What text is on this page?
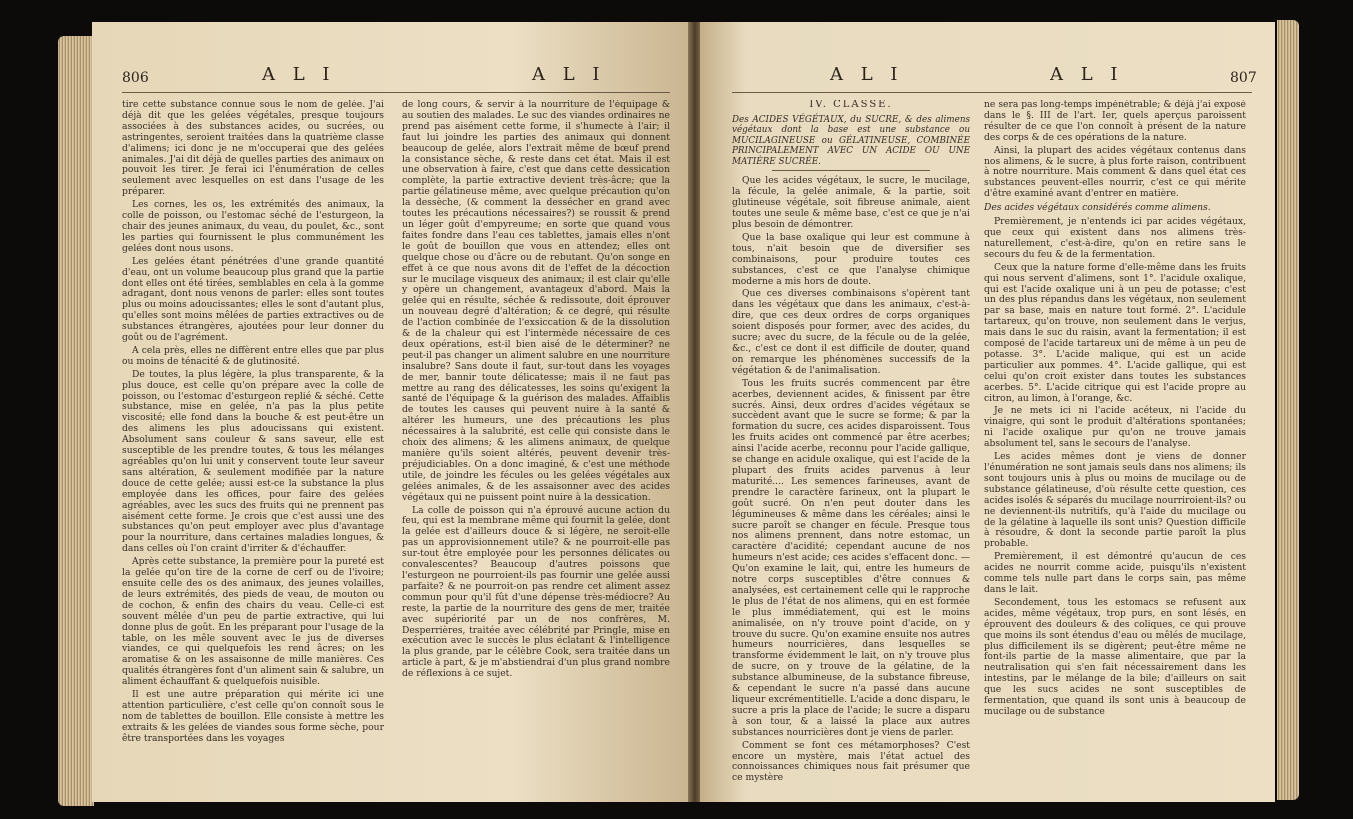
806	A L I	A L I

tire cette substance connue sous le nom de gelée. J'ai déjà dit que les gelées végétales, presque toujours associées à des substances acides, ou sucrées, ou astringentes, seroient traitées dans la quatrième classe d'alimens; ici donc je ne m'occuperai que des gelées animales. J'ai dit déjà de quelles parties des animaux on pouvoit les tirer. Je ferai ici l'énumération de celles seulement avec lesquelles on est dans l'usage de les préparer.

Les cornes, les os, les extrémités des animaux, la colle de poisson, ou l'estomac séché de l'esturgeon, la chair des jeunes animaux, du veau, du poulet, &c., sont les parties qui fournissent le plus communément les gelées dont nous usons.

Les gelées étant pénétrées d'une grande quantité d'eau, ont un volume beaucoup plus grand que la partie dont elles ont été tirées, semblables en cela à la gomme adragant, dont nous venons de parler: elles sont toutes plus ou moins adoucissantes; elles le sont d'autant plus, qu'elles sont moins mêlées de parties extractives ou de substances étrangères, ajoutées pour leur donner du goût ou de l'agrément.

A cela près, elles ne diffèrent entre elles que par plus ou moins de ténacité & de glutinosité.

De toutes, la plus légère, la plus transparente, & la plus douce, est celle qu'on prépare avec la colle de poisson, ou l'estomac d'esturgeon replié & séché. Cette substance, mise en gelée, n'a pas la plus petite viscosité; elle fond dans la bouche & est peut-être un des alimens les plus adoucissans qui existent. Absolument sans couleur & sans saveur, elle est susceptible de les prendre toutes, & tous les mélanges agréables qu'on lui unit y conservent toute leur saveur sans altération, & seulement modifiée par la nature douce de cette gelée; aussi est-ce la substance la plus employée dans les offices, pour faire des gelées agréables, avec les sucs des fruits qui ne prennent pas aisément cette forme. Je crois que c'est aussi une des substances qu'on peut employer avec plus d'avantage pour la nourriture, dans certaines maladies longues, & dans celles où l'on craint d'irriter & d'échauffer.

Après cette substance, la première pour la pureté est la gelée qu'on tire de la corne de cerf ou de l'ivoire; ensuite celle des os des animaux, des jeunes volailles, de leurs extrémités, des pieds de veau, de mouton ou de cochon, & enfin des chairs du veau. Celle-ci est souvent mêlée d'un peu de partie extractive, qui lui donne plus de goût. En les préparant pour l'usage de la table, on les mêle souvent avec le jus de diverses viandes, ce qui quelquefois les rend âcres; on les aromatise & on les assaisonne de mille manières. Ces qualités étrangères font d'un aliment sain & salubre, un aliment échauffant & quelquefois nuisible.

Il est une autre préparation qui mérite ici une attention particulière, c'est celle qu'on connoît sous le nom de tablettes de bouillon. Elle consiste à mettre les extraits & les gelées de viandes sous forme sèche, pour être transportées dans les voyages

de long cours, & servir à la nourriture de l'équipage & au soutien des malades. Le suc des viandes ordinaires ne prend pas aisément cette forme, il s'humecte à l'air; il faut lui joindre les parties des animaux qui donnent beaucoup de gelée, alors l'extrait même de bœuf prend la consistance sèche, & reste dans cet état. Mais il est une observation à faire, c'est que dans cette dessication complète, la partie extractive devient très-âcre; que la partie gélatineuse même, avec quelque précaution qu'on la dessèche, (& comment la dessécher en grand avec toutes les précautions nécessaires?) se roussit & prend un léger goût d'empyreume; en sorte que quand vous faites fondre dans l'eau ces tablettes, jamais elles n'ont le goût de bouillon que vous en attendez; elles ont quelque chose ou d'âcre ou de rebutant. Qu'on songe en effet à ce que nous avons dit de l'effet de la décoction sur le mucilage visqueux des animaux; il est clair qu'elle y opère un changement, avantageux d'abord. Mais la gelée qui en résulte, séchée & redissoute, doit éprouver un nouveau degré d'altération; & ce degré, qui résulte de l'action combinée de l'exsiccation & de la dissolution & de la chaleur qui est l'intermède nécessaire de ces deux opérations, est-il bien aisé de le déterminer? ne peut-il pas changer un aliment salubre en une nourriture insalubre? Sans doute il faut, sur-tout dans les voyages de mer, bannir toute délicatesse; mais il ne faut pas mettre au rang des délicatesses, les soins qu'exigent la santé de l'équipage & la guérison des malades. Affaiblis de toutes les causes qui peuvent nuire à la santé & altérer les humeurs, une des précautions les plus nécessaires à la salubrité, est celle qui consiste dans le choix des alimens; & les alimens animaux, de quelque manière qu'ils soient altérés, peuvent devenir très-préjudiciables. On a donc imaginé, & c'est une méthode utile, de joindre les fécules ou les gelées végétales aux gelées animales, & de les assaisonner avec des acides végétaux qui ne puissent point nuire à la dessication.

La colle de poisson qui n'a éprouvé aucune action du feu, qui est la membrane même qui fournit la gelée, dont la gelée est d'ailleurs douce & si légère, ne seroit-elle pas un approvisionnement utile? & ne pourroit-elle pas sur-tout être employée pour les personnes délicates ou convalescentes? Beaucoup d'autres poissons que l'esturgeon ne pourroient-ils pas fournir une gelée aussi parfaite? & ne pourroit-on pas rendre cet aliment assez commun pour qu'il fût d'une dépense très-médiocre? Au reste, la partie de la nourriture des gens de mer, traitée avec supériorité par un de nos confrères, M. Desperrières, traitée avec célébrité par Pringle, mise en exécution avec le succès le plus éclatant & l'intelligence la plus grande, par le célèbre Cook, sera traitée dans un article à part, & je m'abstiendrai d'un plus grand nombre de réflexions à ce sujet.

A L I	A L I	807
IV. CLASSE.

Des ACIDES VÉGÉTAUX, du SUCRE, & des alimens végétaux dont la base est une substance ou MUCILAGINEUSE ou GÉLATINEUSE, COMBINÉE PRINCIPALEMENT AVEC UN ACIDE OU UNE MATIÈRE SUCRÉE.

Que les acides végétaux, le sucre, le mucilage, la fécule, la gelée animale, & la partie, soit glutineuse végétale, soit fibreuse animale, aient toutes une seule & même base, c'est ce que je n'ai plus besoin de démontrer.

Que la base oxalique qui leur est commune à tous, n'ait besoin que de diversifier ses combinaisons, pour produire toutes ces substances, c'est ce que l'analyse chimique moderne a mis hors de doute.

Que ces diverses combinaisons s'opèrent tant dans les végétaux que dans les animaux, c'est-à-dire, que ces deux ordres de corps organiques soient disposés pour former, avec des acides, du sucre; avec du sucre, de la fécule ou de la gelée, &c., c'est ce dont il est difficile de douter, quand on remarque les phénomènes successifs de la végétation & de l'animalisation.

Tous les fruits sucrés commencent par être acerbes, deviennent acides, & finissent par être sucrés. Ainsi, deux ordres d'acides végétaux se succèdent avant que le sucre se forme; & par la formation du sucre, ces acides disparoissent. Tous les fruits acides ont commencé par être acerbes; ainsi l'acide acerbe, reconnu pour l'acide gallique, se change en acidule oxalique, qui est l'acide de la plupart des fruits acides parvenus à leur maturité.... Les semences farineuses, avant de prendre le caractère farineux, ont la plupart le goût sucré. On n'en peut douter dans les légumineuses & même dans les céréales; ainsi le sucre paroît se changer en fécule. Presque tous nos alimens prennent, dans notre estomac, un caractère d'acidité; cependant aucune de nos humeurs n'est acide; ces acides s'effacent donc. — Qu'on examine le lait, qui, entre les humeurs de notre corps susceptibles d'être connues & analysées, est certainement celle qui le rapproche le plus de l'état de nos alimens, qui en est formée le plus immédiatement, qui est le moins animalisée, on n'y trouve point d'acide, on y trouve du sucre. Qu'on examine ensuite nos autres humeurs nourricières, dans lesquelles se transforme évidemment le lait, on n'y trouve plus de sucre, on y trouve de la gélatine, de la substance albumineuse, de la substance fibreuse, & cependant le sucre n'a passé dans aucune liqueur excrémentitielle. L'acide a donc disparu, le sucre a pris la place de l'acide; le sucre a disparu à son tour, & a laissé la place aux autres substances nourricières dont je viens de parler.

Comment se font ces métamorphoses? C'est encore un mystère, mais l'état actuel des connoissances chimiques nous fait présumer que ce mystère

ne sera pas long-temps impénétrable; & déjà j'ai exposé dans le §. III de l'art. Ier, quels aperçus paroissent résulter de ce que l'on connoît à présent de la nature des corps & de ces opérations de la nature.

Ainsi, la plupart des acides végétaux contenus dans nos alimens, & le sucre, à plus forte raison, contribuent à notre nourriture. Mais comment & dans quel état ces substances peuvent-elles nourrir, c'est ce qui mérite d'être examiné avant d'entrer en matière.

Des acides végétaux considérés comme alimens.

Premièrement, je n'entends ici par acides végétaux, que ceux qui existent dans nos alimens très-naturellement, c'est-à-dire, qu'on en retire sans le secours du feu & de la fermentation.

Ceux que la nature forme d'elle-même dans les fruits qui nous servent d'alimens, sont 1°. l'acidule oxalique, qui est l'acide oxalique uni à un peu de potasse; c'est un des plus répandus dans les végétaux, non seulement par sa base, mais en nature tout formé. 2°. L'acidule tartareux, qu'on trouve, non seulement dans le verjus, mais dans le suc du raisin, avant la fermentation; il est composé de l'acide tartareux uni de même à un peu de potasse. 3°. L'acide malique, qui est un acide particulier aux pommes. 4°. L'acide gallique, qui est celui qu'on croit exister dans toutes les substances acerbes. 5°. L'acide citrique qui est l'acide propre au citron, au limon, à l'orange, &c.

Je ne mets ici ni l'acide acéteux, ni l'acide du vinaigre, qui sont le produit d'altérations spontanées; ni l'acide oxalique pur qu'on ne trouve jamais absolument tel, sans le secours de l'analyse.

Les acides mêmes dont je viens de donner l'énumération ne sont jamais seuls dans nos alimens; ils sont toujours unis à plus ou moins de mucilage ou de substance gélatineuse, d'où résulte cette question, ces acides isolés & séparés du mucilage nourriroient-ils? ou ne deviennent-ils nutritifs, qu'à l'aide du mucilage ou de la gélatine à laquelle ils sont unis? Question difficile à résoudre, & dont la seconde partie paroît la plus probable.

Premièrement, il est démontré qu'aucun de ces acides ne nourrit comme acide, puisqu'ils n'existent comme tels nulle part dans le corps sain, pas même dans le lait.

Secondement, tous les estomacs se refusent aux acides, même végétaux, trop purs, en sont lésés, en éprouvent des douleurs & des coliques, ce qui prouve que moins ils sont étendus d'eau ou mêlés de mucilage, plus difficilement ils se digèrent; peut-être même ne font-ils partie de la masse alimentaire, que par la neutralisation qui s'en fait nécessairement dans les intestins, par le mélange de la bile; d'ailleurs on sait que les sucs acides ne sont susceptibles de fermentation, que quand ils sont unis à beaucoup de mucilage ou de substance
